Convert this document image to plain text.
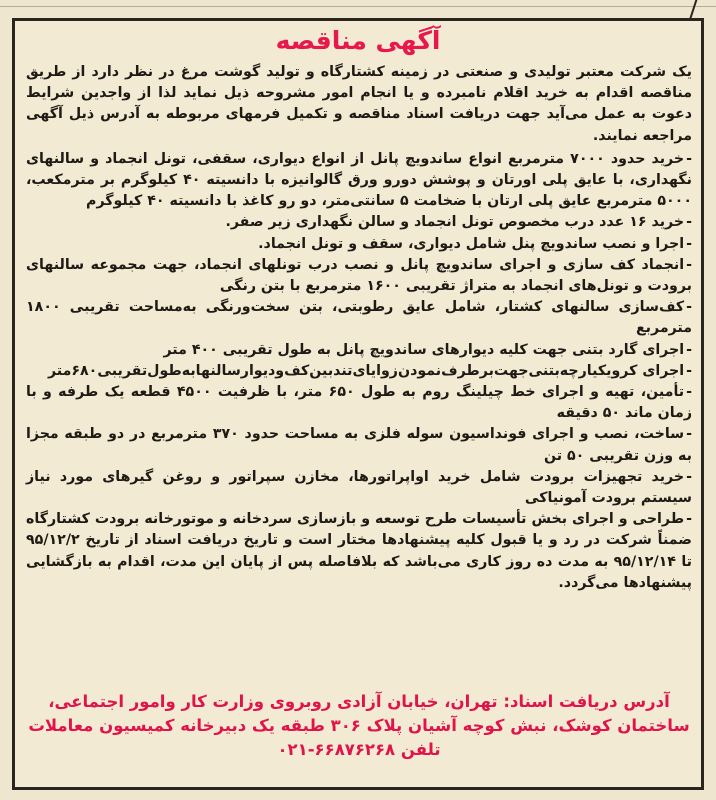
آگهی مناقصه

یک شرکت معتبر تولیدی و صنعتی در زمینه کشتارگاه و تولید گوشت مرغ در نظر دارد از طریق مناقصه اقدام به خرید اقلام نامبرده و یا انجام امور مشروحه ذیل نماید لذا از واجدین شرایط دعوت به عمل می‌آید جهت دریافت اسناد مناقصه و تکمیل فرمهای مربوطه به آدرس ذیل آگهی مراجعه نمایند.

- خرید حدود ۷۰۰۰ مترمربع انواع ساندویچ پانل از انواع دیواری، سقفی، تونل انجماد و سالنهای نگهداری، با عایق پلی اورتان و پوشش دورو ورق گالوانیزه با دانسیته ۴۰ کیلوگرم بر مترمکعب، ۵۰۰۰ مترمربع عایق پلی ارتان با ضخامت ۵ سانتی‌متر، دو رو کاغذ با دانسیته ۴۰ کیلوگرم

- خرید ۱۶ عدد درب مخصوص تونل انجماد و سالن نگهداری زیر صفر.

- اجرا و نصب ساندویچ پنل شامل دیواری، سقف و تونل انجماد.

- انجماد کف سازی و اجرای ساندویچ پانل و نصب درب تونلهای انجماد، جهت مجموعه سالنهای برودت و تونل‌های انجماد به متراژ تقریبی ۱۶۰۰ مترمربع با بتن رنگی

- کف‌سازی سالنهای کشتار، شامل عایق رطوبتی، بتن سخت‌ورنگی به‌مساحت تقریبی ۱۸۰۰ مترمربع

- اجرای گارد بتنی جهت کلیه دیوارهای ساندویچ پانل به طول تقریبی ۴۰۰ متر

- اجرای کرویکیارچه‌بتنی‌جهت‌برطرف‌نمودن‌زوایای‌تندبین‌کف‌ودیوار‌سالنهابه‌طول‌تقریبی۶۸۰متر

- تأمین، تهیه و اجرای خط چیلینگ روم به طول ۶۵۰ متر، با ظرفیت ۴۵۰۰ قطعه یک طرفه و با زمان ماند ۵۰ دقیقه

- ساخت، نصب و اجرای فونداسیون سوله فلزی به مساحت حدود ۳۷۰ مترمربع در دو طبقه مجزا به وزن تقریبی ۵۰ تن

- خرید تجهیزات برودت شامل خرید اواپراتورها، مخازن سپراتور و روغن گیرهای مورد نیاز سیستم برودت آمونیاکی

- طراحی و اجرای بخش تأسیسات طرح توسعه و بازسازی سردخانه و موتورخانه برودت کشتارگاه ضمناً شرکت در رد و یا قبول کلیه پیشنهادها مختار است و تاریخ دریافت اسناد از تاریخ ۹۵/۱۲/۲ تا ۹۵/۱۲/۱۴ به مدت ده روز کاری می‌باشد که بلافاصله پس از پایان این مدت، اقدام به بازگشایی پیشنهادها می‌گردد.

آدرس دریافت اسناد: تهران، خیابان آزادی روبروی وزارت کار وامور اجتماعی، ساختمان کوشک، نبش کوچه آشیان پلاک ۳۰۶ طبقه یک دبیرخانه کمیسیون معاملات تلفن ۶۶۸۷۶۲۶۸-۰۲۱
